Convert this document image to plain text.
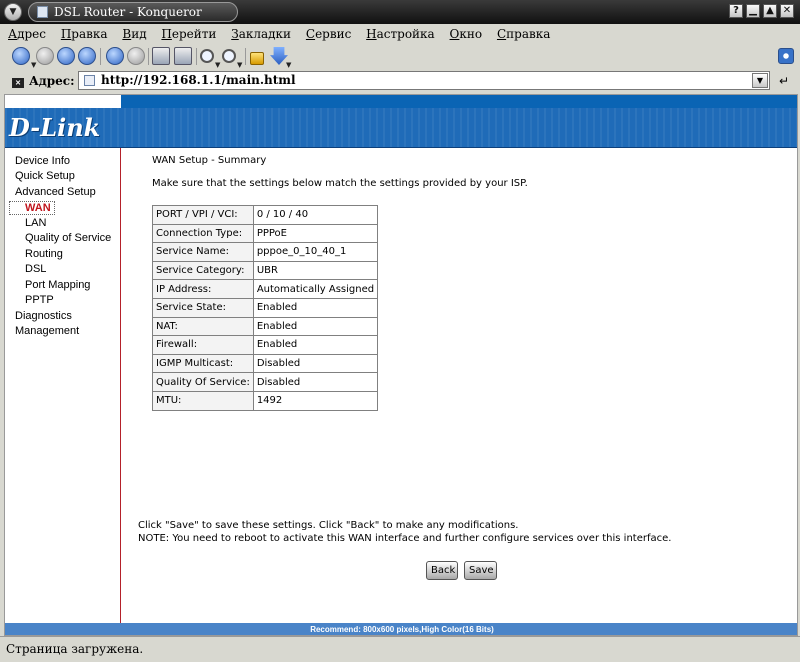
▼	DSL Router - Konqueror	?	▁ ▲ ✕
Адрес Правка Вид Перейти Закладки Сервис Настройка Окно Справка
▼	▼ ▼	▼
✕ Адрес:	http://192.168.1.1/main.html	▼	↵
D-Link
Device Info
Quick Setup
Advanced Setup
WAN
LAN
Quality of Service
Routing
DSL
Port Mapping
PPTP
Diagnostics
Management
WAN Setup - Summary
Make sure that the settings below match the settings provided by your ISP.
PORT / VPI / VCI:	0 / 10 / 40
Connection Type:	PPPoE
Service Name:	pppoe_0_10_40_1
Service Category:	UBR
IP Address:	Automatically Assigned
Service State:	Enabled
NAT:	Enabled
Firewall:	Enabled
IGMP Multicast:	Disabled
Quality Of Service:	Disabled
MTU:	1492
Click "Save" to save these settings. Click "Back" to make any modifications.
NOTE: You need to reboot to activate this WAN interface and further configure services over this interface.
Back	Save
Recommend: 800x600 pixels,High Color(16 Bits)
Страница загружена.
